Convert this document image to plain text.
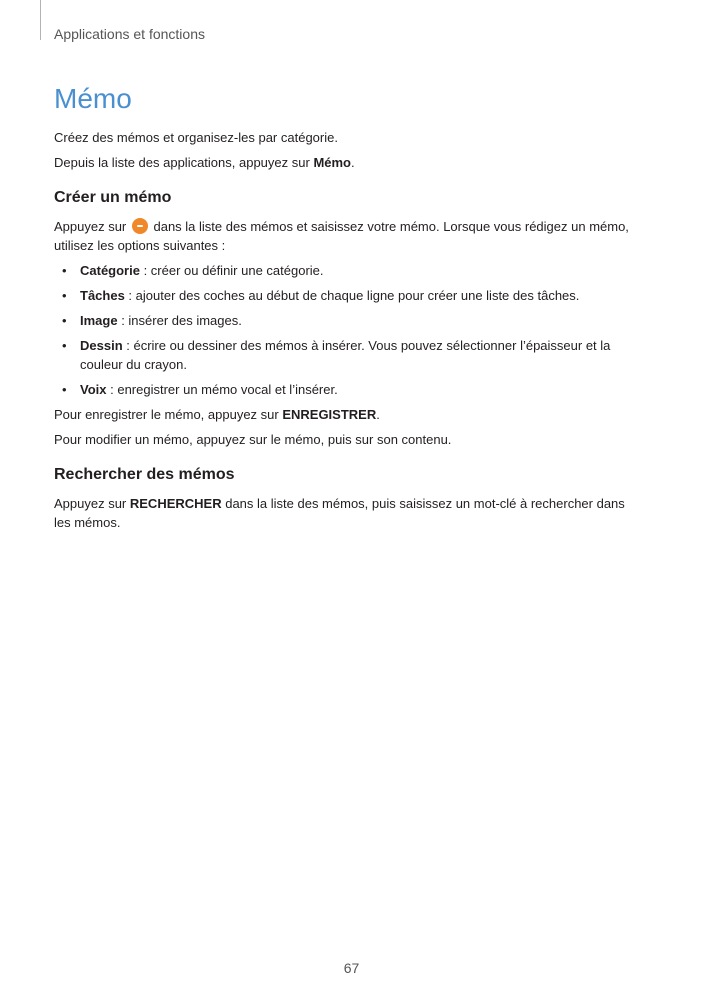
Applications et fonctions
Mémo

Créez des mémos et organisez-les par catégorie.

Depuis la liste des applications, appuyez sur Mémo.

Créer un mémo

Appuyez sur  dans la liste des mémos et saisissez votre mémo. Lorsque vous rédigez un mémo, utilisez les options suivantes :

• Catégorie : créer ou définir une catégorie.
• Tâches : ajouter des coches au début de chaque ligne pour créer une liste des tâches.
• Image : insérer des images.
• Dessin : écrire ou dessiner des mémos à insérer. Vous pouvez sélectionner l’épaisseur et la couleur du crayon.
• Voix : enregistrer un mémo vocal et l’insérer.

Pour enregistrer le mémo, appuyez sur ENREGISTRER.

Pour modifier un mémo, appuyez sur le mémo, puis sur son contenu.

Rechercher des mémos

Appuyez sur RECHERCHER dans la liste des mémos, puis saisissez un mot-clé à rechercher dans les mémos.

67
